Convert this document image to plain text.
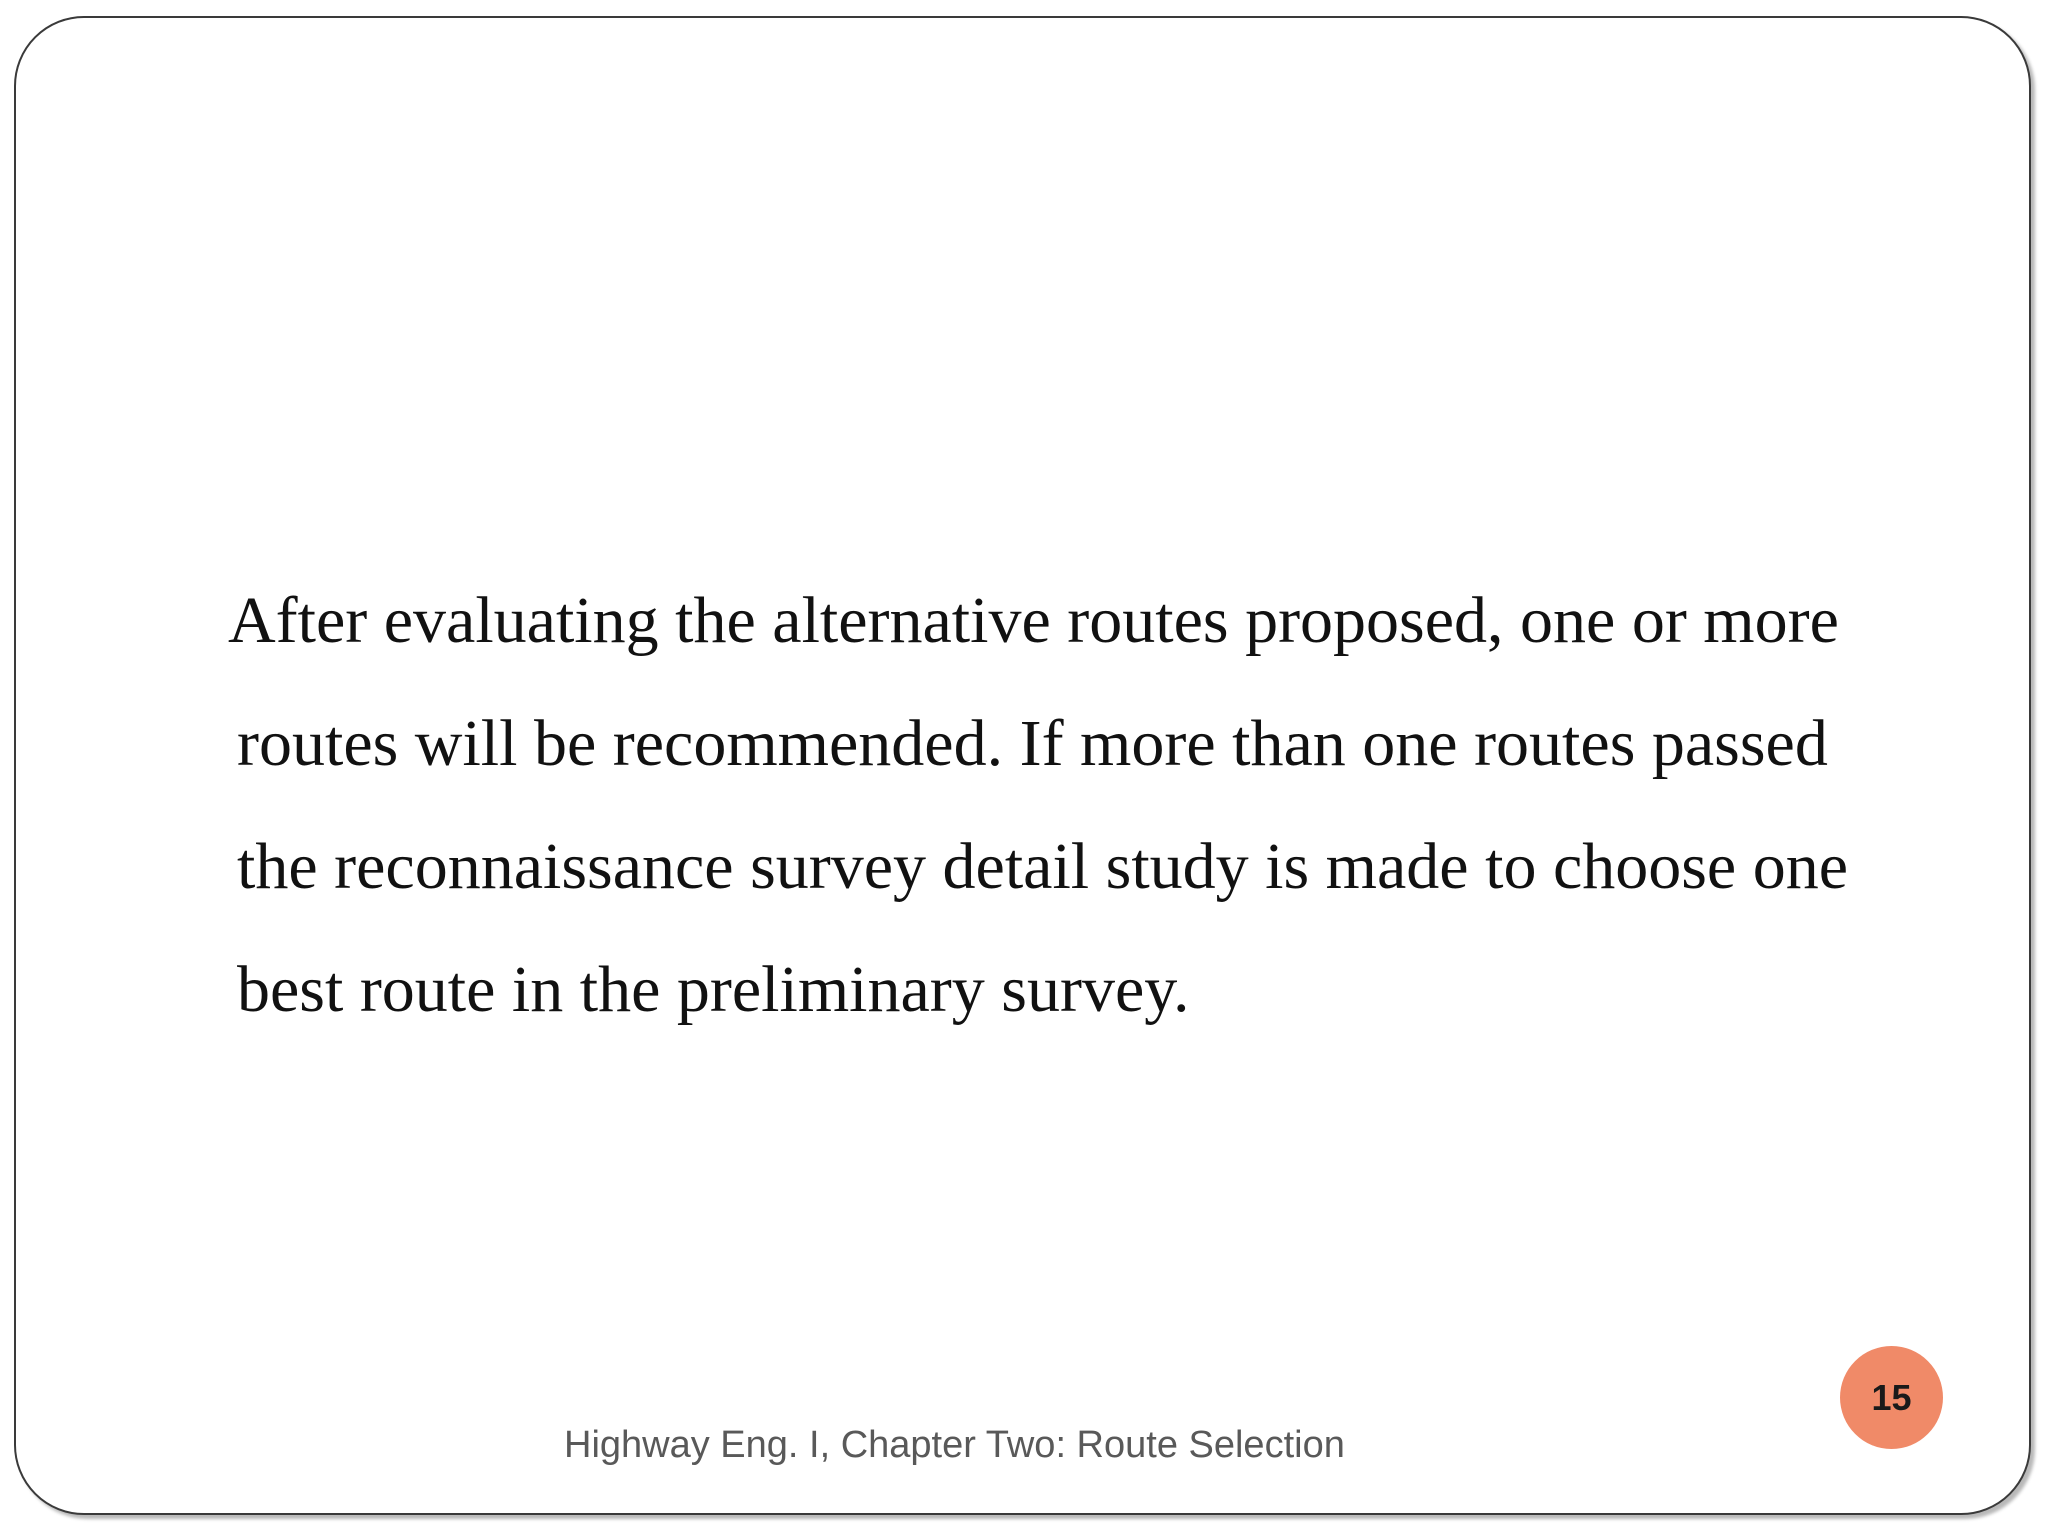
After evaluating the alternative routes proposed, one or more
routes will be recommended. If more than one routes passed
the reconnaissance survey detail study is made to choose one
best route in the preliminary survey.
15
Highway Eng. I, Chapter Two: Route Selection
